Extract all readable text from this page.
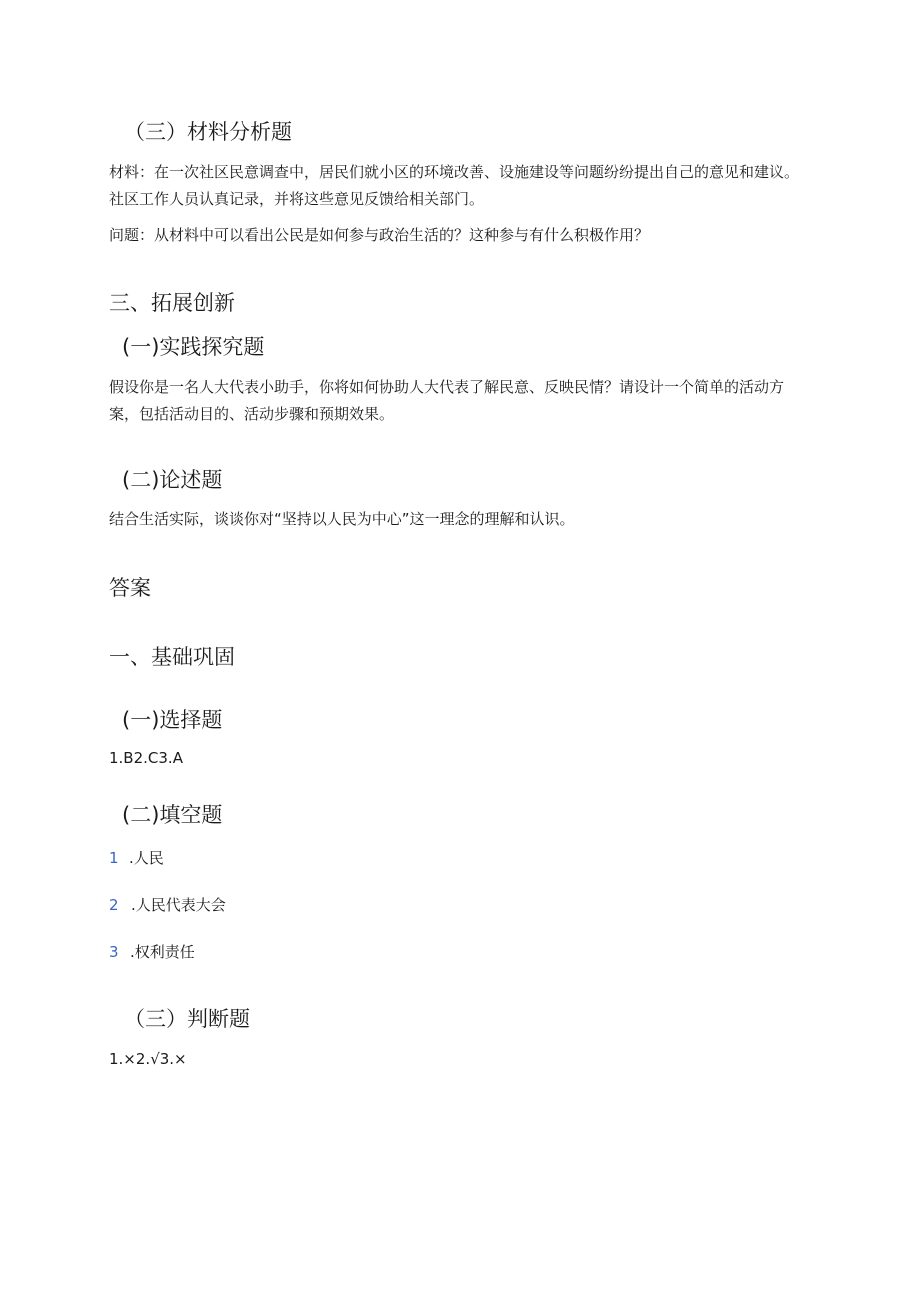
（三）材料分析题

材料：在一次社区民意调查中，居民们就小区的环境改善、设施建设等问题纷纷提出自己的意见和建议。社区工作人员认真记录，并将这些意见反馈给相关部门。

问题：从材料中可以看出公民是如何参与政治生活的？这种参与有什么积极作用？
三、拓展创新
(一)实践探究题

假设你是一名人大代表小助手，你将如何协助人大代表了解民意、反映民情？请设计一个简单的活动方案，包括活动目的、活动步骤和预期效果。

(二)论述题
结合生活实际，谈谈你对“坚持以人民为中心”这一理念的理解和认识。
答案
一、基础巩固
(一)选择题
1.B2.C3.A
(二)填空题
1 .人民
2 .人民代表大会
3 .权利责任
（三）判断题
1.×2.√3.×
